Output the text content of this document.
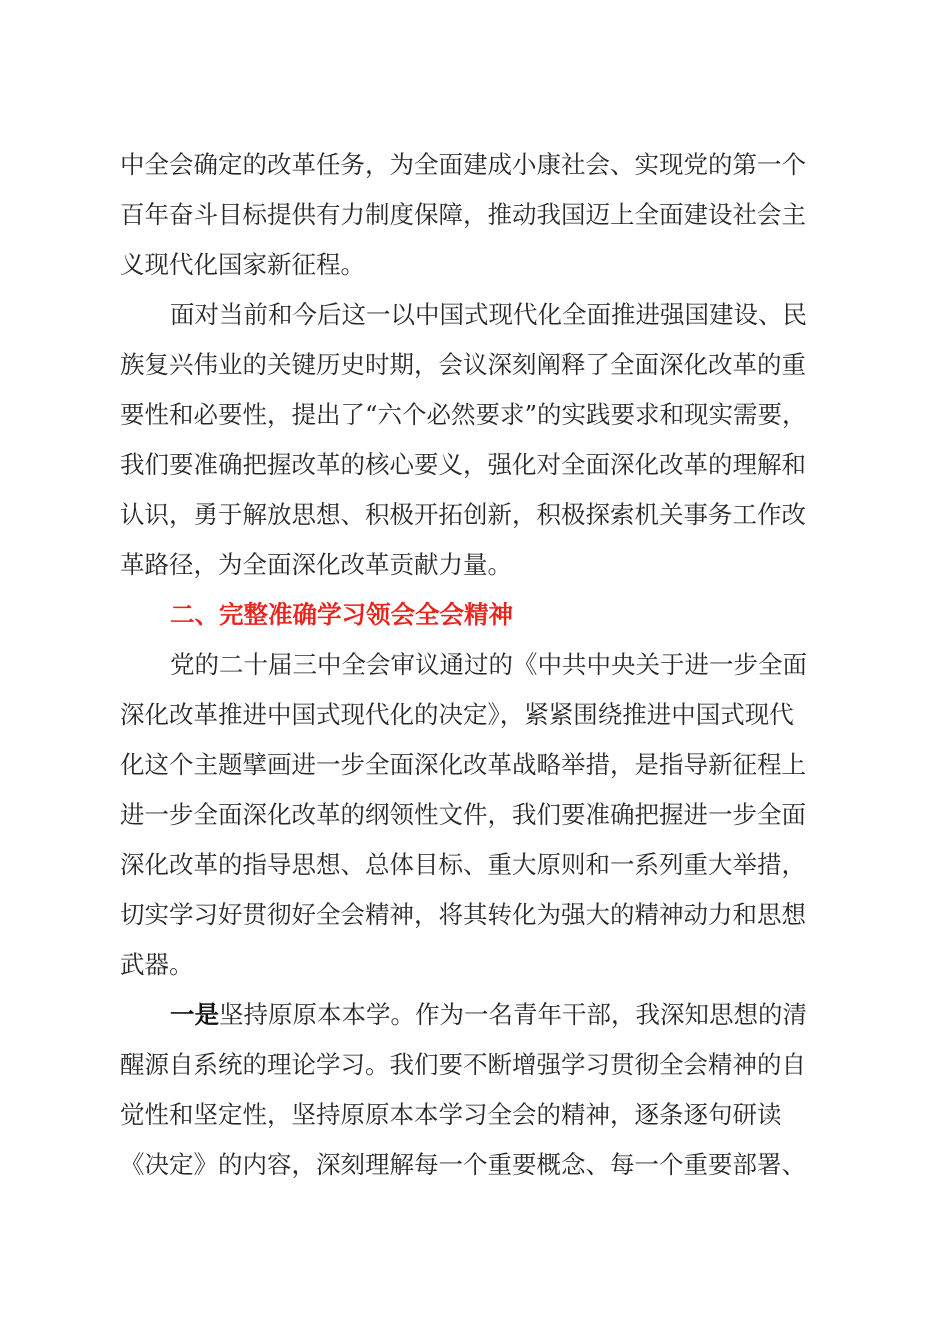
中全会确定的改革任务，为全面建成小康社会、实现党的第一个
百年奋斗目标提供有力制度保障，推动我国迈上全面建设社会主
义现代化国家新征程。
面对当前和今后这一以中国式现代化全面推进强国建设、民
族复兴伟业的关键历史时期，会议深刻阐释了全面深化改革的重
要性和必要性，提出了“六个必然要求”的实践要求和现实需要，
我们要准确把握改革的核心要义，强化对全面深化改革的理解和
认识，勇于解放思想、积极开拓创新，积极探索机关事务工作改
革路径，为全面深化改革贡献力量。
二、完整准确学习领会全会精神
党的二十届三中全会审议通过的《中共中央关于进一步全面
深化改革推进中国式现代化的决定》，紧紧围绕推进中国式现代
化这个主题擘画进一步全面深化改革战略举措，是指导新征程上
进一步全面深化改革的纲领性文件，我们要准确把握进一步全面
深化改革的指导思想、总体目标、重大原则和一系列重大举措，
切实学习好贯彻好全会精神，将其转化为强大的精神动力和思想
武器。
一是坚持原原本本学。作为一名青年干部，我深知思想的清
醒源自系统的理论学习。我们要不断增强学习贯彻全会精神的自
觉性和坚定性，坚持原原本本学习全会的精神，逐条逐句研读
《决定》的内容，深刻理解每一个重要概念、每一个重要部署、
